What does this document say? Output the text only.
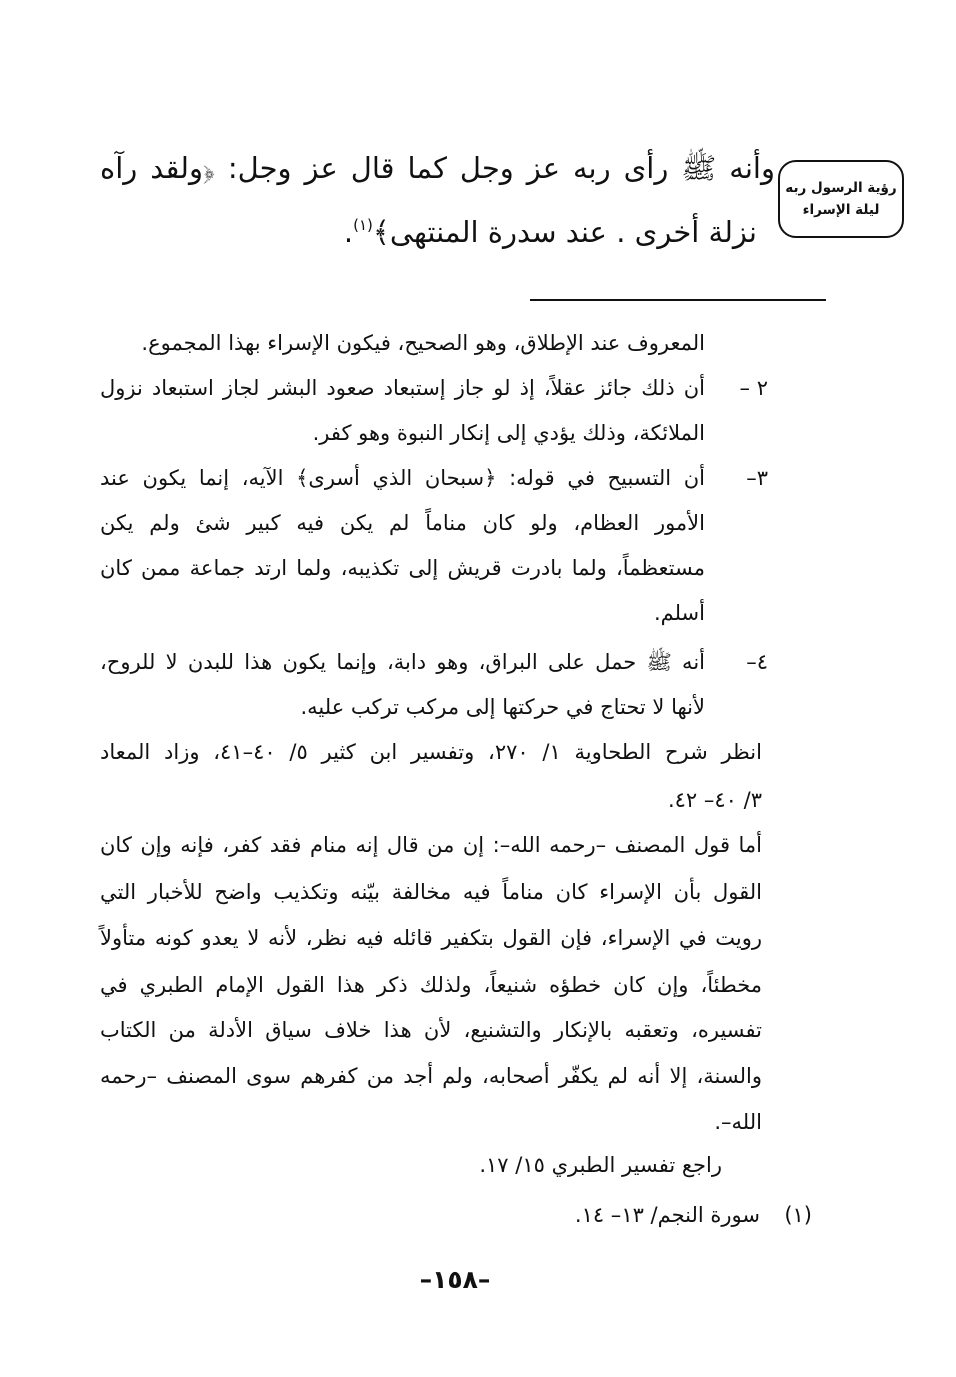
رؤية الرسول ربه
ليلة الإسراء
وأنه ﷺ رأى ربه عز وجل كما قال عز وجل: ﴿ولقد رآه
نزلة أخرى . عند سدرة المنتهى﴾$^{(١)}$.
المعروف عند الإطلاق، وهو الصحيح، فيكون الإسراء بهذا المجموع.
٢ –
أن ذلك جائز عقلاً، إذ لو جاز إستبعاد صعود البشر لجاز استبعاد نزول
الملائكة، وذلك يؤدي إلى إنكار النبوة وهو كفر.
٣–
أن التسبيح في قوله: ﴿سبحان الذي أسرى﴾ الآيه، إنما يكون عند
الأمور العظام، ولو كان مناماً لم يكن فيه كبير شئ ولم يكن
مستعظماً، ولما بادرت قريش إلى تكذيبه، ولما ارتد جماعة ممن كان
أسلم.
٤–
أنه ﷺ حمل على البراق، وهو دابة، وإنما يكون هذا للبدن لا للروح،
لأنها لا تحتاج في حركتها إلى مركب تركب عليه.
انظر شرح الطحاوية ١/ ٢٧٠، وتفسير ابن كثير ٥/ ٤٠–٤١، وزاد المعاد
٣/ ٤٠– ٤٢.
أما قول المصنف –رحمه الله–: إن من قال إنه منام فقد كفر، فإنه وإن كان
القول بأن الإسراء كان مناماً فيه مخالفة بيّنه وتكذيب واضح للأخبار التي
رويت في الإسراء، فإن القول بتكفير قائله فيه نظر، لأنه لا يعدو كونه متأولاً
مخطئاً، وإن كان خطؤه شنيعاً، ولذلك ذكر هذا القول الإمام الطبري في
تفسيره، وتعقبه بالإنكار والتشنيع، لأن هذا خلاف سياق الأدلة من الكتاب
والسنة، إلا أنه لم يكفّر أصحابه، ولم أجد من كفرهم سوى المصنف –رحمه
الله–.
راجع تفسير الطبري ١٥/ ١٧.
(١)
سورة النجم/ ١٣– ١٤.
–١٥٨–
